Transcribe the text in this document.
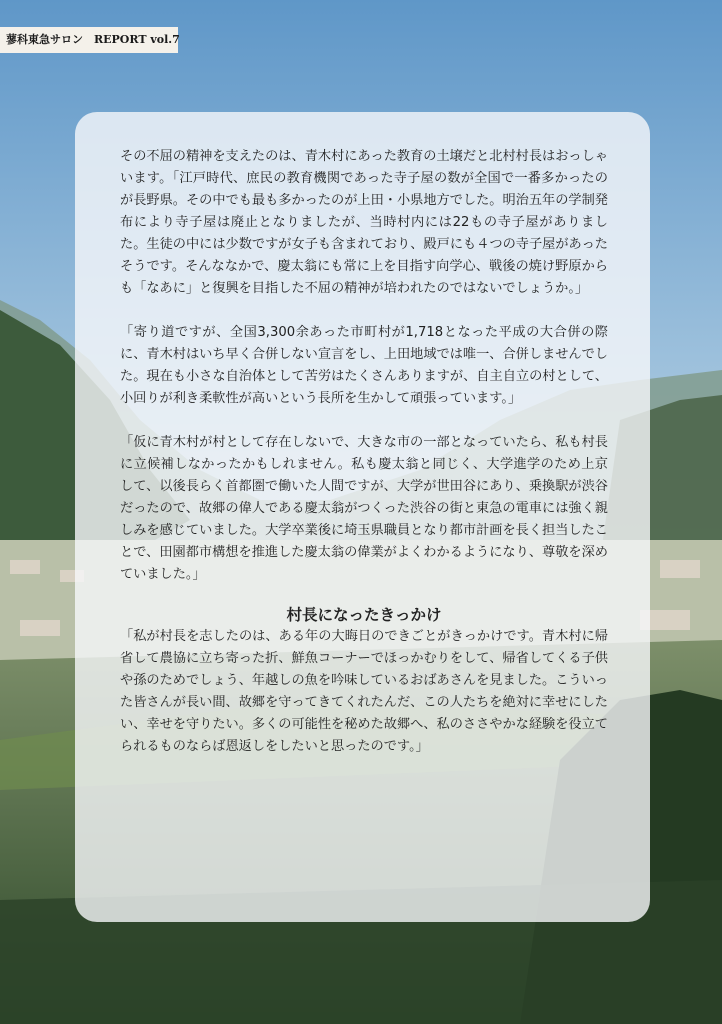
蓼科東急サロン　REPORT vol.7

その不屈の精神を支えたのは、青木村にあった教育の土壌だと北村村長はおっしゃいます。「江戸時代、庶民の教育機関であった寺子屋の数が全国で一番多かったのが長野県。その中でも最も多かったのが上田・小県地方でした。明治五年の学制発布により寺子屋は廃止となりましたが、当時村内には22もの寺子屋がありました。生徒の中には少数ですが女子も含まれており、殿戸にも４つの寺子屋があったそうです。そんななかで、慶太翁にも常に上を目指す向学心、戦後の焼け野原からも「なあに」と復興を目指した不屈の精神が培われたのではないでしょうか。」

「寄り道ですが、全国3,300余あった市町村が1,718となった平成の大合併の際に、青木村はいち早く合併しない宣言をし、上田地域では唯一、合併しませんでした。現在も小さな自治体として苦労はたくさんありますが、自主自立の村として、小回りが利き柔軟性が高いという長所を生かして頑張っています。」

「仮に青木村が村として存在しないで、大きな市の一部となっていたら、私も村長に立候補しなかったかもしれません。私も慶太翁と同じく、大学進学のため上京して、以後長らく首都圏で働いた人間ですが、大学が世田谷にあり、乗換駅が渋谷だったので、故郷の偉人である慶太翁がつくった渋谷の街と東急の電車には強く親しみを感じていました。大学卒業後に埼玉県職員となり都市計画を長く担当したことで、田園都市構想を推進した慶太翁の偉業がよくわかるようになり、尊敬を深めていました。」

村長になったきっかけ

「私が村長を志したのは、ある年の大晦日のできごとがきっかけです。青木村に帰省して農協に立ち寄った折、鮮魚コーナーでほっかむりをして、帰省してくる子供や孫のためでしょう、年越しの魚を吟味しているおばあさんを見ました。こういった皆さんが長い間、故郷を守ってきてくれたんだ、この人たちを絶対に幸せにしたい、幸せを守りたい。多くの可能性を秘めた故郷へ、私のささやかな経験を役立てられるものならば恩返しをしたいと思ったのです。」
